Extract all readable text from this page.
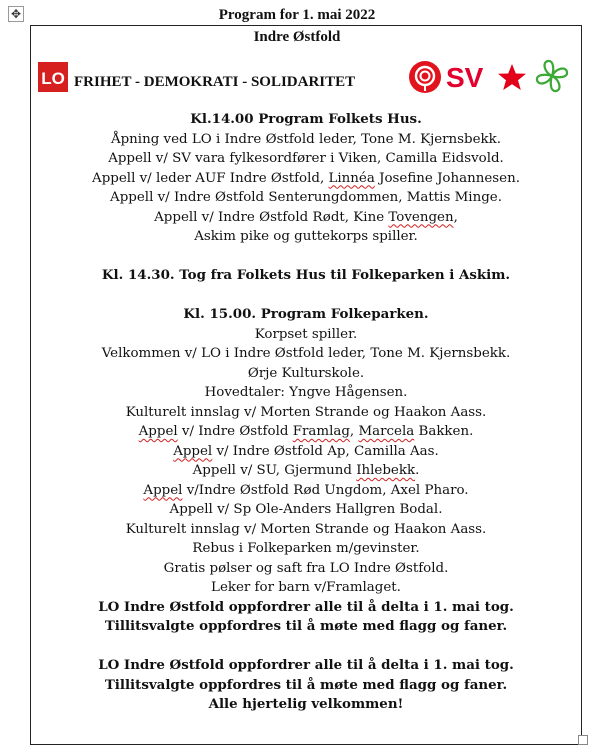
✥	Program for 1. mai 2022
Indre Østfold
LO FRIHET - DEMOKRATI - SOLIDARITET	SV
Kl.14.00 Program Folkets Hus.
Åpning ved LO i Indre Østfold leder, Tone M. Kjernsbekk.
Appell v/ SV vara fylkesordfører i Viken, Camilla Eidsvold.
Appell v/ leder AUF Indre Østfold, Linnéa Josefine Johannesen.
Appell v/ Indre Østfold Senterungdommen, Mattis Minge.
Appell v/ Indre Østfold Rødt, Kine Tovengen,
Askim pike og guttekorps spiller.
Kl. 14.30. Tog fra Folkets Hus til Folkeparken i Askim.
Kl. 15.00. Program Folkeparken.
Korpset spiller.
Velkommen v/ LO i Indre Østfold leder, Tone M. Kjernsbekk.
Ørje Kulturskole.
Hovedtaler: Yngve Hågensen.
Kulturelt innslag v/ Morten Strande og Haakon Aass.
Appel v/ Indre Østfold Framlag, Marcela Bakken.
Appel v/ Indre Østfold Ap, Camilla Aas.
Appell v/ SU, Gjermund Ihlebekk.
Appel v/Indre Østfold Rød Ungdom, Axel Pharo.
Appell v/ Sp Ole-Anders Hallgren Bodal.
Kulturelt innslag v/ Morten Strande og Haakon Aass.
Rebus i Folkeparken m/gevinster.
Gratis pølser og saft fra LO Indre Østfold.
Leker for barn v/Framlaget.
LO Indre Østfold oppfordrer alle til å delta i 1. mai tog.
Tillitsvalgte oppfordres til å møte med flagg og faner.
LO Indre Østfold oppfordrer alle til å delta i 1. mai tog.
Tillitsvalgte oppfordres til å møte med flagg og faner.
Alle hjertelig velkommen!
